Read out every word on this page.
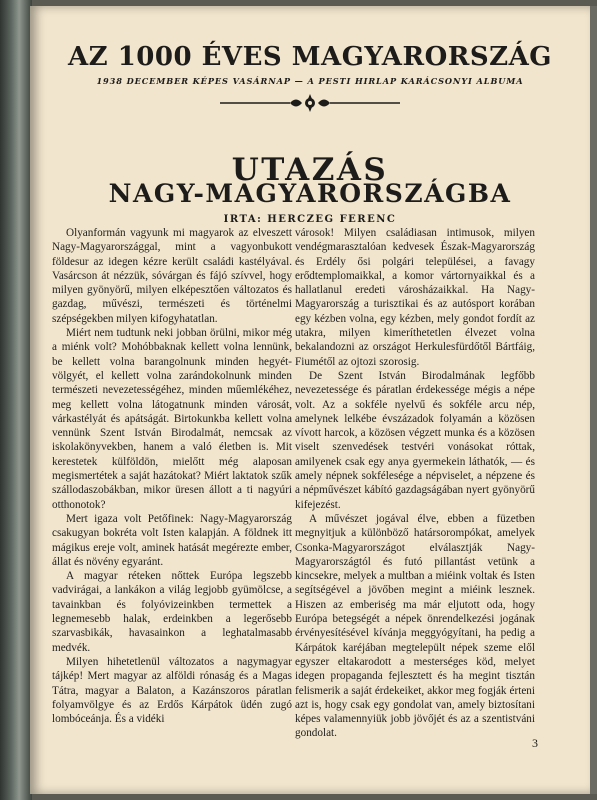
AZ 1000 ÉVES MAGYARORSZÁG
1938 DECEMBER KÉPES VASÁRNAP — A PESTI HIRLAP KARÁCSONYI ALBUMA
UTAZÁS
NAGY-MAGYARORSZÁGBA
IRTA: HERCZEG FERENC

Olyanformán vagyunk mi magyarok az elveszett Nagy-Magyarországgal, mint a vagyonbukott földesur az idegen kézre került családi kastélyával. Vasárcson át nézzük, sóvárgan és fájó szívvel, hogy milyen gyönyörű, milyen elképesztően változatos és gazdag, művészi, természeti és történelmi szépségekben milyen kifogyhatatlan.

Miért nem tudtunk neki jobban örülni, mikor még a miénk volt? Mohóbbaknak kellett volna lennünk, be kellett volna barangolnunk minden hegyét-völgyét, el kellett volna zarándokolnunk minden természeti nevezetességéhez, minden műemlékéhez, meg kellett volna látogatnunk minden városát, várkastélyát és apátságát. Birtokunkba kellett volna vennünk Szent István Birodalmát, nemcsak az iskolakönyvekben, hanem a való életben is. Mit kerestetek külföldön, mielőtt még alaposan megismertétek a saját hazátokat? Miért laktatok szűk szállodaszobákban, mikor üresen állott a ti nagyúri otthonotok?

Mert igaza volt Petőfinek: Nagy-Magyarország csakugyan bokréta volt Isten kalapján. A földnek itt mágikus ereje volt, aminek hatását megérezte ember, állat és növény egyaránt.

A magyar réteken nőttek Európa legszebb vadvirágai, a lankákon a világ legjobb gyümölcse, a tavainkban és folyóvizeinkben termettek a legnemesebb halak, erdeinkben a legerősebb szarvasbikák, havasainkon a leghatalmasabb medvék.

Milyen hihetetlenül változatos a nagymagyar tájkép! Mert magyar az alföldi rónaság és a Magas Tátra, magyar a Balaton, a Kazánszoros páratlan folyamvölgye és az Erdős Kárpátok üdén zugó lombóceánja. És a vidéki

városok! Milyen családiasan intimusok, milyen vendégmarasztalóan kedvesek Észak-Magyarország és Erdély ősi polgári települései, a favagy erődtemplomaikkal, a komor vártornyaikkal és a hallatlanul eredeti városházaikkal. Ha Nagy-Magyarország a turisztikai és az autósport korában egy kézben volna, egy kézben, mely gondot fordít az utakra, milyen kimeríthetetlen élvezet volna bekalandozni az országot Herkulesfürdőtől Bártfáig, Fiumétől az ojtozi szorosig.

De Szent István Birodalmának legfőbb nevezetessége és páratlan érdekessége mégis a népe volt. Az a sokféle nyelvű és sokféle arcu nép, amelynek lelkébe évszázadok folyamán a közösen vívott harcok, a közösen végzett munka és a közösen viselt szenvedések testvéri vonásokat róttak, amilyenek csak egy anya gyermekein láthatók, — és amely népnek sokfélesége a népviselet, a népzene és a népművészet kábító gazdagságában nyert gyönyörű kifejezést.

A művészet jogával élve, ebben a füzetben megnyitjuk a különböző határsorompókat, amelyek Csonka-Magyarországot elválasztják Nagy-Magyarországtól és futó pillantást vetünk a kincsekre, melyek a multban a miéink voltak és Isten segítségével a jövőben megint a miéink lesznek. Hiszen az emberiség ma már eljutott oda, hogy Európa betegségét a népek önrendelkezési jogának érvényesítésével kívánja meggyógyítani, ha pedig a Kárpátok karéjában megtelepült népek szeme elől egyszer eltakarodott a mesterséges köd, melyet idegen propaganda fejlesztett és ha megint tisztán felismerik a saját érdekeiket, akkor meg fogják érteni azt is, hogy csak egy gondolat van, amely biztosítani képes valamennyiük jobb jövőjét és az a szentistváni gondolat.

3
